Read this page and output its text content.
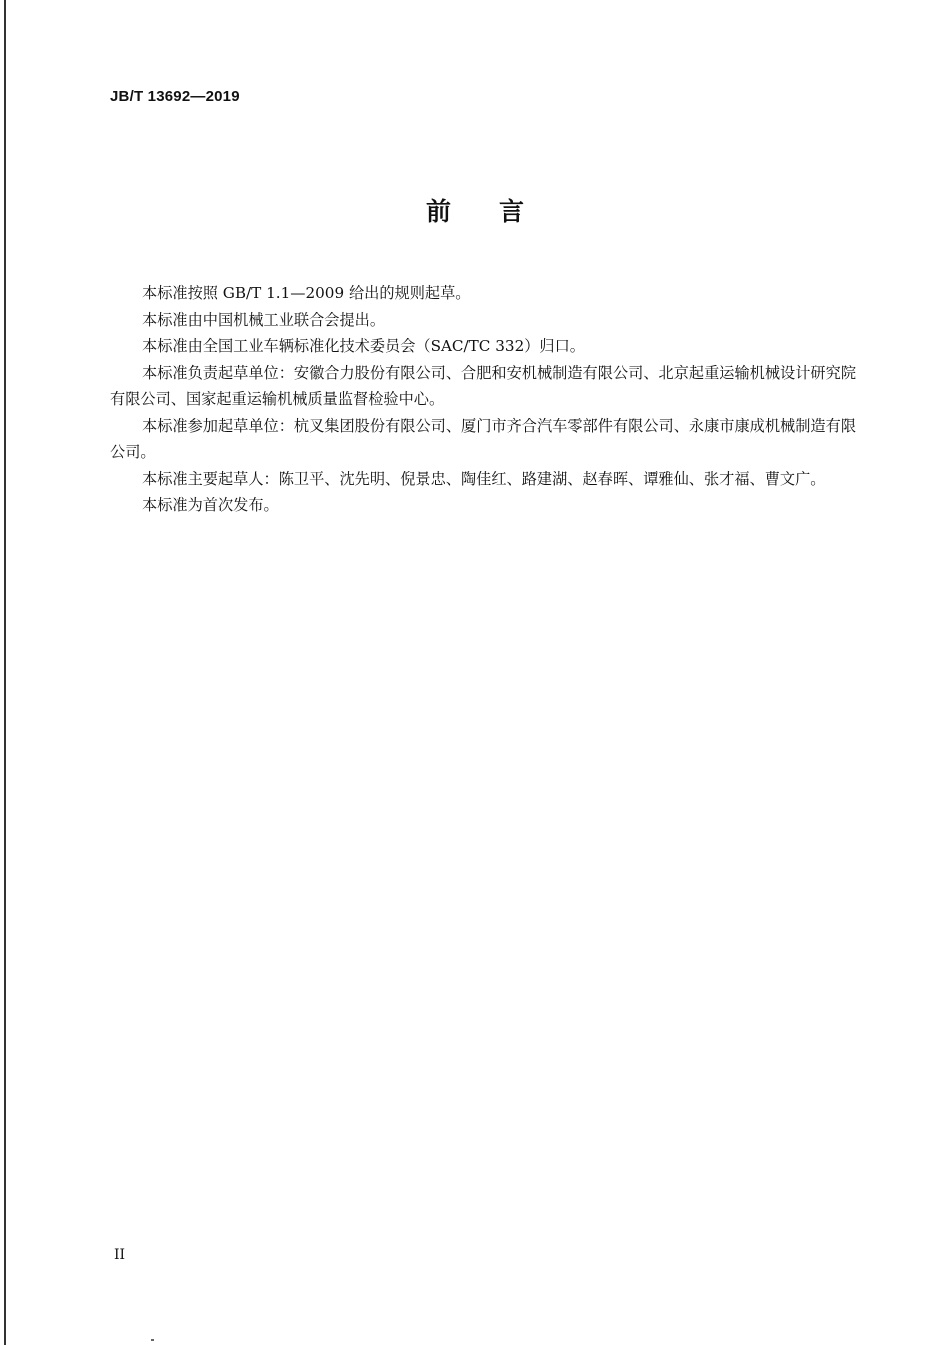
JB/T 13692—2019
前言

本标准按照 GB/T 1.1—2009 给出的规则起草。

本标准由中国机械工业联合会提出。

本标准由全国工业车辆标准化技术委员会（SAC/TC 332）归口。

本标准负责起草单位：安徽合力股份有限公司、合肥和安机械制造有限公司、北京起重运输机械设计研究院有限公司、国家起重运输机械质量监督检验中心。

本标准参加起草单位：杭叉集团股份有限公司、厦门市齐合汽车零部件有限公司、永康市康成机械制造有限公司。

本标准主要起草人：陈卫平、沈先明、倪景忠、陶佳红、路建湖、赵春晖、谭雅仙、张才福、曹文广。

本标准为首次发布。

II
